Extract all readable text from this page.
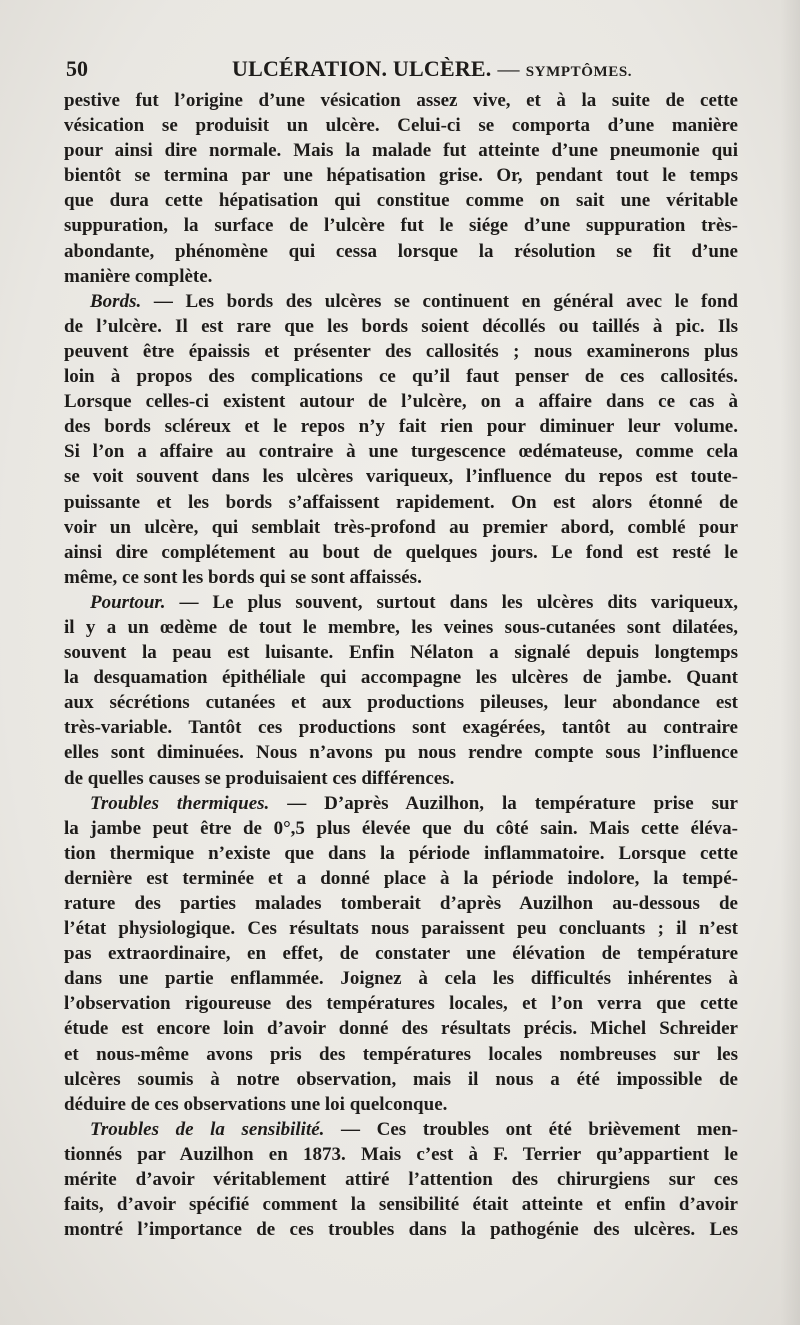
50	ULCÉRATION. ULCÈRE. — SYMPTÔMES.
pestive fut l’origine d’une vésication assez vive, et à la suite de cette
vésication se produisit un ulcère. Celui-ci se comporta d’une manière
pour ainsi dire normale. Mais la malade fut atteinte d’une pneumonie qui
bientôt se termina par une hépatisation grise. Or, pendant tout le temps
que dura cette hépatisation qui constitue comme on sait une véritable
suppuration, la surface de l’ulcère fut le siége d’une suppuration très-
abondante, phénomène qui cessa lorsque la résolution se fit d’une
manière complète.
Bords. — Les bords des ulcères se continuent en général avec le fond
de l’ulcère. Il est rare que les bords soient décollés ou taillés à pic. Ils
peuvent être épaissis et présenter des callosités ; nous examinerons plus
loin à propos des complications ce qu’il faut penser de ces callosités.
Lorsque celles-ci existent autour de l’ulcère, on a affaire dans ce cas à
des bords scléreux et le repos n’y fait rien pour diminuer leur volume.
Si l’on a affaire au contraire à une turgescence œdémateuse, comme cela
se voit souvent dans les ulcères variqueux, l’influence du repos est toute-
puissante et les bords s’affaissent rapidement. On est alors étonné de
voir un ulcère, qui semblait très-profond au premier abord, comblé pour
ainsi dire complétement au bout de quelques jours. Le fond est resté le
même, ce sont les bords qui se sont affaissés.
Pourtour. — Le plus souvent, surtout dans les ulcères dits variqueux,
il y a un œdème de tout le membre, les veines sous-cutanées sont dilatées,
souvent la peau est luisante. Enfin Nélaton a signalé depuis longtemps
la desquamation épithéliale qui accompagne les ulcères de jambe. Quant
aux sécrétions cutanées et aux productions pileuses, leur abondance est
très-variable. Tantôt ces productions sont exagérées, tantôt au contraire
elles sont diminuées. Nous n’avons pu nous rendre compte sous l’influence
de quelles causes se produisaient ces différences.
Troubles thermiques. — D’après Auzilhon, la température prise sur
la jambe peut être de 0°,5 plus élevée que du côté sain. Mais cette éléva-
tion thermique n’existe que dans la période inflammatoire. Lorsque cette
dernière est terminée et a donné place à la période indolore, la tempé-
rature des parties malades tomberait d’après Auzilhon au-dessous de
l’état physiologique. Ces résultats nous paraissent peu concluants ; il n’est
pas extraordinaire, en effet, de constater une élévation de température
dans une partie enflammée. Joignez à cela les difficultés inhérentes à
l’observation rigoureuse des températures locales, et l’on verra que cette
étude est encore loin d’avoir donné des résultats précis. Michel Schreider
et nous-même avons pris des températures locales nombreuses sur les
ulcères soumis à notre observation, mais il nous a été impossible de
déduire de ces observations une loi quelconque.
Troubles de la sensibilité. — Ces troubles ont été brièvement men-
tionnés par Auzilhon en 1873. Mais c’est à F. Terrier qu’appartient le
mérite d’avoir véritablement attiré l’attention des chirurgiens sur ces
faits, d’avoir spécifié comment la sensibilité était atteinte et enfin d’avoir
montré l’importance de ces troubles dans la pathogénie des ulcères. Les
